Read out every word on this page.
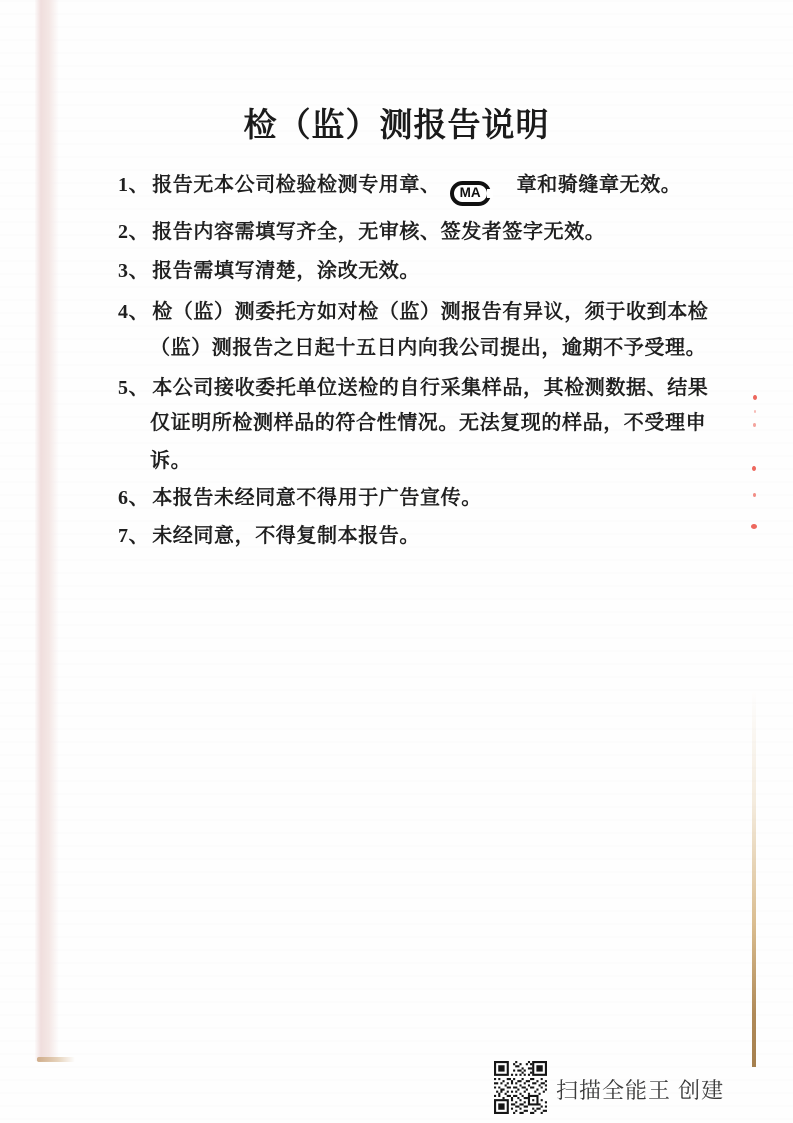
检（监）测报告说明
1、 报告无本公司检验检测专用章、	MA	章和骑缝章无效。
2、 报告内容需填写齐全，无审核、签发者签字无效。
3、 报告需填写清楚，涂改无效。
4、 检（监）测委托方如对检（监）测报告有异议，须于收到本检
（监）测报告之日起十五日内向我公司提出，逾期不予受理。
5、 本公司接收委托单位送检的自行采集样品，其检测数据、结果
仅证明所检测样品的符合性情况。无法复现的样品，不受理申
诉。
6、 本报告未经同意不得用于广告宣传。
7、 未经同意，不得复制本报告。
扫描全能王 创建
